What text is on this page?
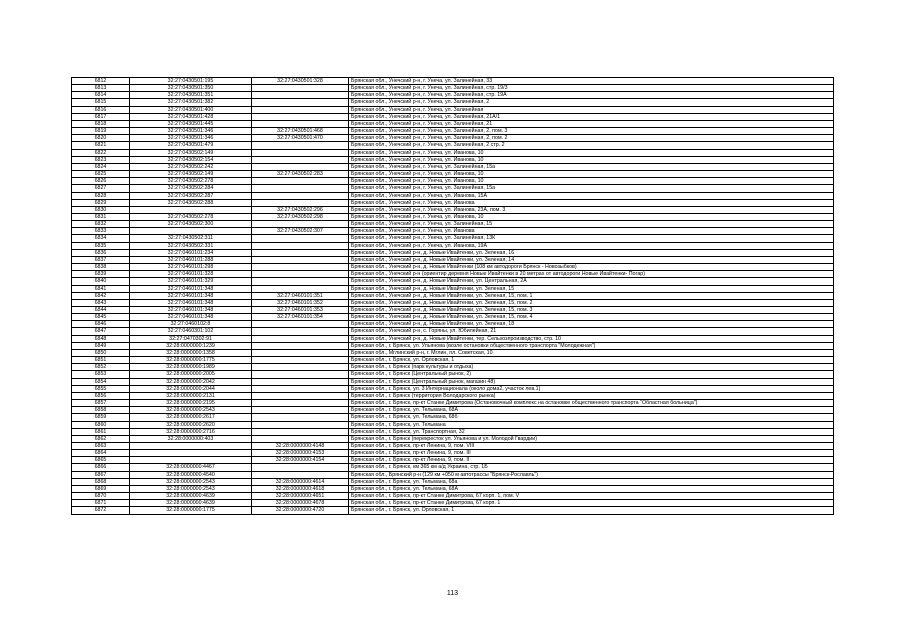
6812	32:27:0430501:195	32:27:0430501:328	Брянская обл., Унечский р-н, г. Унеча, ул. Залинейная, 33
6813	32:27:0430501:350		Брянская обл., Унечский р-н, г. Унеча, ул. Залинейная, стр. 19/3
6814	32:27:0430501:351		Брянская обл., Унечский р-н, г. Унеча, ул. Залинейная, стр. 19А
6815	32:27:0430501:382		Брянская обл., Унечский р-н, г. Унеча, ул. Залинейная, 2
6816	32:27:0430501:400		Брянская обл., Унечский р-н, г. Унеча, ул. Залинейная
6817	32:27:0430501:428		Брянская обл., Унечский р-н, г. Унеча, ул. Залинейная, 21А/1
6818	32:27:0430501:445		Брянская обл., Унечский р-н, г. Унеча, ул. Залинейная, 21
6819	32:27:0430501:346	32:27:0430501:468	Брянская обл., Унечский р-н, г. Унеча, ул. Залинейная, 2, пом. 3
6820	32:27:0430501:346	32:27:0430501:470	Брянская обл., Унечский р-н, г. Унеча, ул. Залинейная, 2, пом. 2
6821	32:27:0430501:479		Брянская обл., Унечский р-н, г. Унеча, ул. Залинейная, 2 стр. 2
6822	32:27:0430502:149		Брянская обл., Унечский р-н, г. Унеча, ул. Иванова, 10
6823	32:27:0430502:154		Брянская обл., Унечский р-н, г. Унеча, ул. Иванова, 10
6824	32:27:0430502:242		Брянская обл., Унечский р-н, г. Унеча, ул. Залинейная, 15а
6825	32:27:0430502:149	32:27:0430502:283	Брянская обл., Унечский р-н, г. Унеча, ул. Иванова, 10
6826	32:27:0430502:278		Брянская обл., Унечский р-н, г. Унеча, ул. Иванова, 10
6827	32:27:0430502:284		Брянская обл., Унечский р-н, г. Унеча, ул. Залинейная, 15а
6828	32:27:0430502:287		Брянская обл., Унечский р-н, г. Унеча, ул. Иванова, 15А
6829	32:27:0430502:288		Брянская обл., Унечский р-н, г. Унеча, ул. Иванова
6830		32:27:0430502:296	Брянская обл., Унечский р-н, г. Унеча, ул. Иванова, 23А, пом. 3
6831	32:27:0430502:278	32:27:0430502:298	Брянская обл., Унечский р-н, г. Унеча, ул. Иванова, 10
6832	32:27:0430502:300		Брянская обл., Унечский р-н, г. Унеча, ул. Залинейная, 15
6833		32:27:0430502:307	Брянская обл., Унечский р-н, г. Унеча, ул. Иванова
6834	32:27:0430502:311		Брянская обл., Унечский р-н, г. Унеча, ул. Залинейная, 13К
6835	32:27:0430502:331		Брянская обл., Унечский р-н, г. Унеча, ул. Иванова, 19А
6836	32:27:0460101:234		Брянская обл., Унечский р-н, д. Новые Ивайтенки, ул. Зеленая, 16
6837	32:27:0460101:288		Брянская обл., Унечский р-н, д. Новые Ивайтенки, ул. Зеленая, 14
6838	32:27:0460101:298		Брянская обл., Унечский р-н, д. Новые Ивайтенки (108 км автодороги Брянск - Новозыбков)
6839	32:27:0460101:328		Брянская обл., Унечский р-н (ориентир деревня Новые Ивайтенки в 20 метрах от автодороги Новые Ивайтенки- Погар)
6840	32:27:0460101:329		Брянская обл., Унечский р-н, д. Новые Ивайтенки, ул. Центральная, 2А
6841	32:27:0460101:348		Брянская обл., Унечский р-н, д. Новые Ивайтенки, ул. Зеленая, 15
6842	32:27:0460101:348	32:27:0460101:351	Брянская обл., Унечский р-н, д. Новые Ивайтенки, ул. Зеленая, 15, пом. 1
6843	32:27:0460101:348	32:27:0460101:352	Брянская обл., Унечский р-н, д. Новые Ивайтенки, ул. Зеленая, 15, пом. 2
6844	32:27:0460101:348	32:27:0460101:353	Брянская обл., Унечский р-н, д. Новые Ивайтенки, ул. Зеленая, 15, пом. 3
6845	32:27:0460101:348	32:27:0460101:354	Брянская обл., Унечский р-н, д. Новые Ивайтенки, ул. Зеленая, 15, пом. 4
6846	32:27:0460102:8		Брянская обл., Унечский р-н, д. Новые Ивайтенки, ул. Зеленая, 18
6847	32:27:0460301:102		Брянская обл., Унечский р-н, с. Горяны, ул. Юбилейная, 21
6848	32:27:0470302:91		Брянская обл., Унечский р-н, д. Новые Ивайтенки, тер. Сельхозпроизводство, стр. 10
6849	32:28:0000000:1239		Брянская обл., г. Брянск, ул. Ульянова (возле остановки общественного транспорта "Молодежная")
6850	32:28:0000000:1358		Брянская обл., Мглинский р-н, г. Мглин, пл. Советская, 10
6851	32:28:0000000:1775		Брянская обл., г. Брянск, ул. Орловская, 1
6852	32:28:0000000:1989		Брянская обл., г. Брянск (парк культуры и отдыха)
6853	32:28:0000000:2005		Брянская обл., г. Брянск (Центральный рынок, 2)
6854	32:28:0000000:2042		Брянская обл., г. Брянск (Центральный рынок, магазин 48)
6855	32:28:0000000:2044		Брянская обл., г. Брянск, ул. 3 Интернационала (около дома2, участок лев.1)
6856	32:28:0000000:2131		Брянская обл., г. Брянск (территория Володарского рынка)
6857	32:28:0000000:2195		Брянская обл., г. Брянск, пр-кт Станке Димитрова (Остановочный комплекс на остановке общественного транспорта "Областная больница")
6858	32:28:0000000:2543		Брянская обл., г. Брянск, ул. Тельмана, 68А
6859	32:28:0000000:2617		Брянская обл., г. Брянск, ул. Тельмана, 68б
6860	32:28:0000000:2620		Брянская обл., г. Брянск, ул. Тельмана
6861	32:28:0000000:2716		Брянская обл., г. Брянск, ул. Транспортная, 32
6862	32:28:0000000:403		Брянская обл., г. Брянск (перекресток ул. Ульянова и ул. Молодой Гвардии)
6863		32:28:0000000:4148	Брянская обл., г. Брянск, пр-кт Ленина, 9, пом. VIII
6864		32:28:0000000:4153	Брянская обл., г. Брянск, пр-кт Ленина, 9, пом. III
6865		32:28:0000000:4154	Брянская обл., г. Брянск, пр-кт Ленина, 9, пом. II
6866	32:28:0000000:4467		Брянская обл., г. Брянск, км 365 км а/д Украина, стр. 1Б
6867	32:28:0000000:4540		Брянская обл., Брянский р-н (129 км +050 м автотрассы "Брянск-Рославль")
6868	32:28:0000000:2543	32:28:0000000:4614	Брянская обл., г. Брянск, ул. Тельмана, 68а
6869	32:28:0000000:2543	32:28:0000000:4618	Брянская обл., г. Брянск, ул. Тельмана, 68А
6870	32:28:0000000:4639	32:28:0000000:4651	Брянская обл., г. Брянск, пр-кт Станке Димитрова, 67 корп. 1, пом. V
6871	32:28:0000000:4639	32:28:0000000:4678	Брянская обл., г. Брянск, пр-кт Станке Димитрова, 67 корп. 1
6872	32:28:0000000:1775	32:28:0000000:4720	Брянская обл., г. Брянск, ул. Орловская, 1
113
